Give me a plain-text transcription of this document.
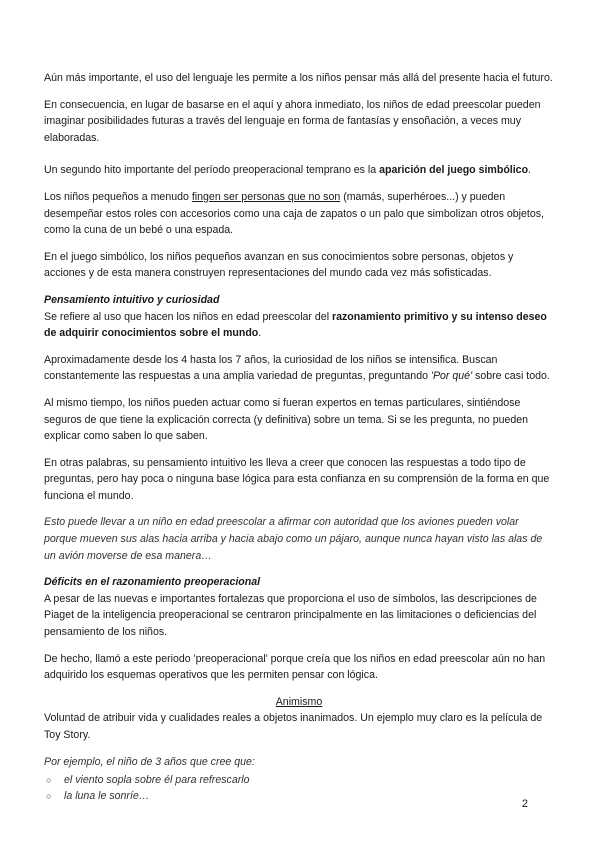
Aún más importante, el uso del lenguaje les permite a los niños pensar más allá del presente hacia el futuro.

En consecuencia, en lugar de basarse en el aquí y ahora inmediato, los niños de edad preescolar pueden imaginar posibilidades futuras a través del lenguaje en forma de fantasías y ensoñación, a veces muy elaboradas.

Un segundo hito importante del período preoperacional temprano es la aparición del juego simbólico.

Los niños pequeños a menudo fingen ser personas que no son (mamás, superhéroes...) y pueden desempeñar estos roles con accesorios como una caja de zapatos o un palo que simbolizan otros objetos, como la cuna de un bebé o una espada.

En el juego simbólico, los niños pequeños avanzan en sus conocimientos sobre personas, objetos y acciones y de esta manera construyen representaciones del mundo cada vez más sofisticadas.

Pensamiento intuitivo y curiosidad

Se refiere al uso que hacen los niños en edad preescolar del razonamiento primitivo y su intenso deseo de adquirir conocimientos sobre el mundo.

Aproximadamente desde los 4 hasta los 7 años, la curiosidad de los niños se intensifica. Buscan constantemente las respuestas a una amplia variedad de preguntas, preguntando 'Por qué' sobre casi todo.

Al mismo tiempo, los niños pueden actuar como si fueran expertos en temas particulares, sintiéndose seguros de que tiene la explicación correcta (y definitiva) sobre un tema. Si se les pregunta, no pueden explicar como saben lo que saben.

En otras palabras, su pensamiento intuitivo les lleva a creer que conocen las respuestas a todo tipo de preguntas, pero hay poca o ninguna base lógica para esta confianza en su comprensión de la forma en que funciona el mundo.

Esto puede llevar a un niño en edad preescolar a afirmar con autoridad que los aviones pueden volar porque mueven sus alas hacia arriba y hacia abajo como un pájaro, aunque nunca hayan visto las alas de un avión moverse de esa manera…

Déficits en el razonamiento preoperacional

A pesar de las nuevas e importantes fortalezas que proporciona el uso de símbolos, las descripciones de Piaget de la inteligencia preoperacional se centraron principalmente en las limitaciones o deficiencias del pensamiento de los niños.

De hecho, llamó a este periodo 'preoperacional' porque creía que los niños en edad preescolar aún no han adquirido los esquemas operativos que les permiten pensar con lógica.

Animismo

Voluntad de atribuir vida y cualidades reales a objetos inanimados. Un ejemplo muy claro es la película de Toy Story.

Por ejemplo, el niño de 3 años que cree que:

○ el viento sopla sobre él para refrescarlo
○ la luna le sonríe…
2
